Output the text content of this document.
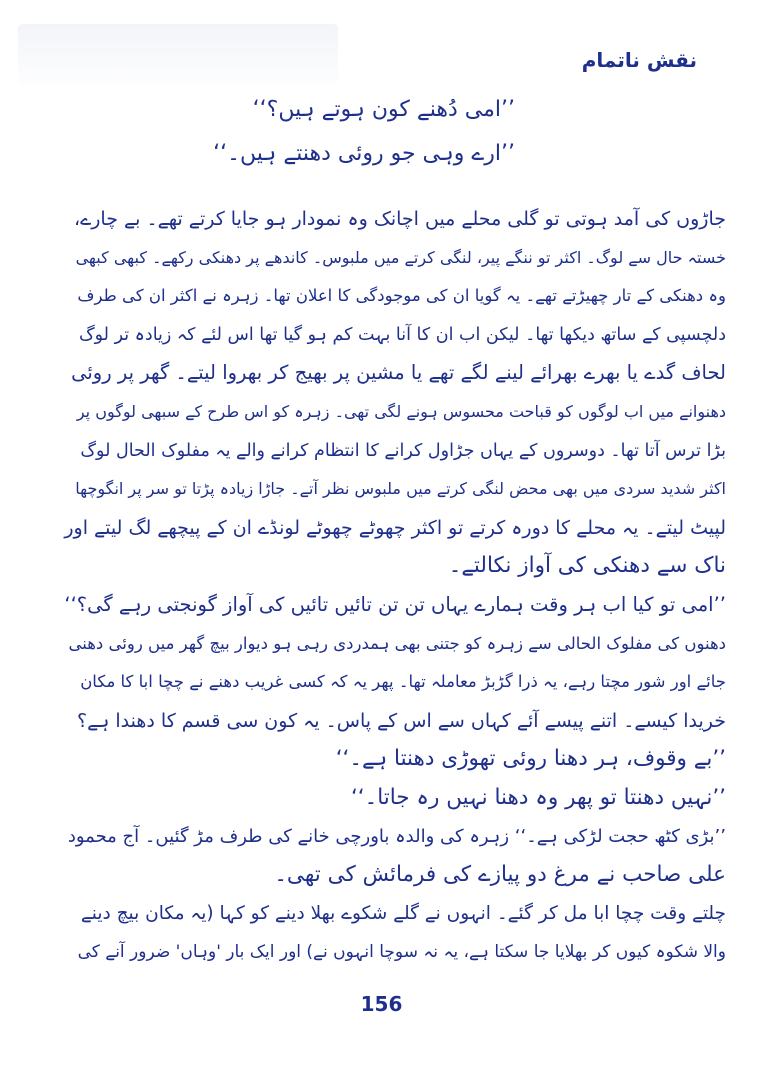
نقش ناتمام
’’امی دُھنے کون ہوتے ہیں؟‘‘
’’ارے وہی جو روئی دھنتے ہیں۔‘‘

جاڑوں کی آمد ہوتی تو گلی محلے میں اچانک وہ نمودار ہو جایا کرتے تھے۔ بے چارے،

خستہ حال سے لوگ۔ اکثر تو ننگے پیر، لنگی کرتے میں ملبوس۔ کاندھے پر دھنکی رکھے۔ کبھی کبھی

وہ دھنکی کے تار چھیڑتے تھے۔ یہ گویا ان کی موجودگی کا اعلان تھا۔ زہرہ نے اکثر ان کی طرف

دلچسپی کے ساتھ دیکھا تھا۔ لیکن اب ان کا آنا بہت کم ہو گیا تھا اس لئے کہ زیادہ تر لوگ

لحاف گدے یا بھرے بھرائے لینے لگے تھے یا مشین پر بھیج کر بھروا لیتے۔ گھر پر روئی

دھنوانے میں اب لوگوں کو قباحت محسوس ہونے لگی تھی۔ زہرہ کو اس طرح کے سبھی لوگوں پر

بڑا ترس آتا تھا۔ دوسروں کے یہاں جڑاول کرانے کا انتظام کرانے والے یہ مفلوک الحال لوگ

اکثر شدید سردی میں بھی محض لنگی کرتے میں ملبوس نظر آتے۔ جاڑا زیادہ پڑتا تو سر پر انگوچھا

لپیٹ لیتے۔ یہ محلے کا دورہ کرتے تو اکثر چھوٹے چھوٹے لونڈے ان کے پیچھے لگ لیتے اور

ناک سے دھنکی کی آواز نکالتے۔

’’امی تو کیا اب ہر وقت ہمارے یہاں تن تن تائیں تائیں کی آواز گونجتی رہے گی؟‘‘

دھنوں کی مفلوک الحالی سے زہرہ کو جتنی بھی ہمدردی رہی ہو دیوار بیچ گھر میں روئی دھنی

جائے اور شور مچتا رہے، یہ ذرا گڑبڑ معاملہ تھا۔ پھر یہ کہ کسی غریب دھنے نے چچا ابا کا مکان

خریدا کیسے۔ اتنے پیسے آئے کہاں سے اس کے پاس۔ یہ کون سی قسم کا دھندا ہے؟

’’بے وقوف، ہر دھنا روئی تھوڑی دھنتا ہے۔‘‘

’’نہیں دھنتا تو پھر وہ دھنا نہیں رہ جاتا۔‘‘

’’بڑی کٹھ حجت لڑکی ہے۔‘‘ زہرہ کی والدہ باورچی خانے کی طرف مڑ گئیں۔ آج محمود

علی صاحب نے مرغ دو پیازے کی فرمائش کی تھی۔

چلتے وقت چچا ابا مل کر گئے۔ انہوں نے گلے شکوے بھلا دینے کو کہا (یہ مکان بیچ دینے

والا شکوہ کیوں کر بھلایا جا سکتا ہے، یہ نہ سوچا انہوں نے) اور ایک بار 'وہاں' ضرور آنے کی

156
